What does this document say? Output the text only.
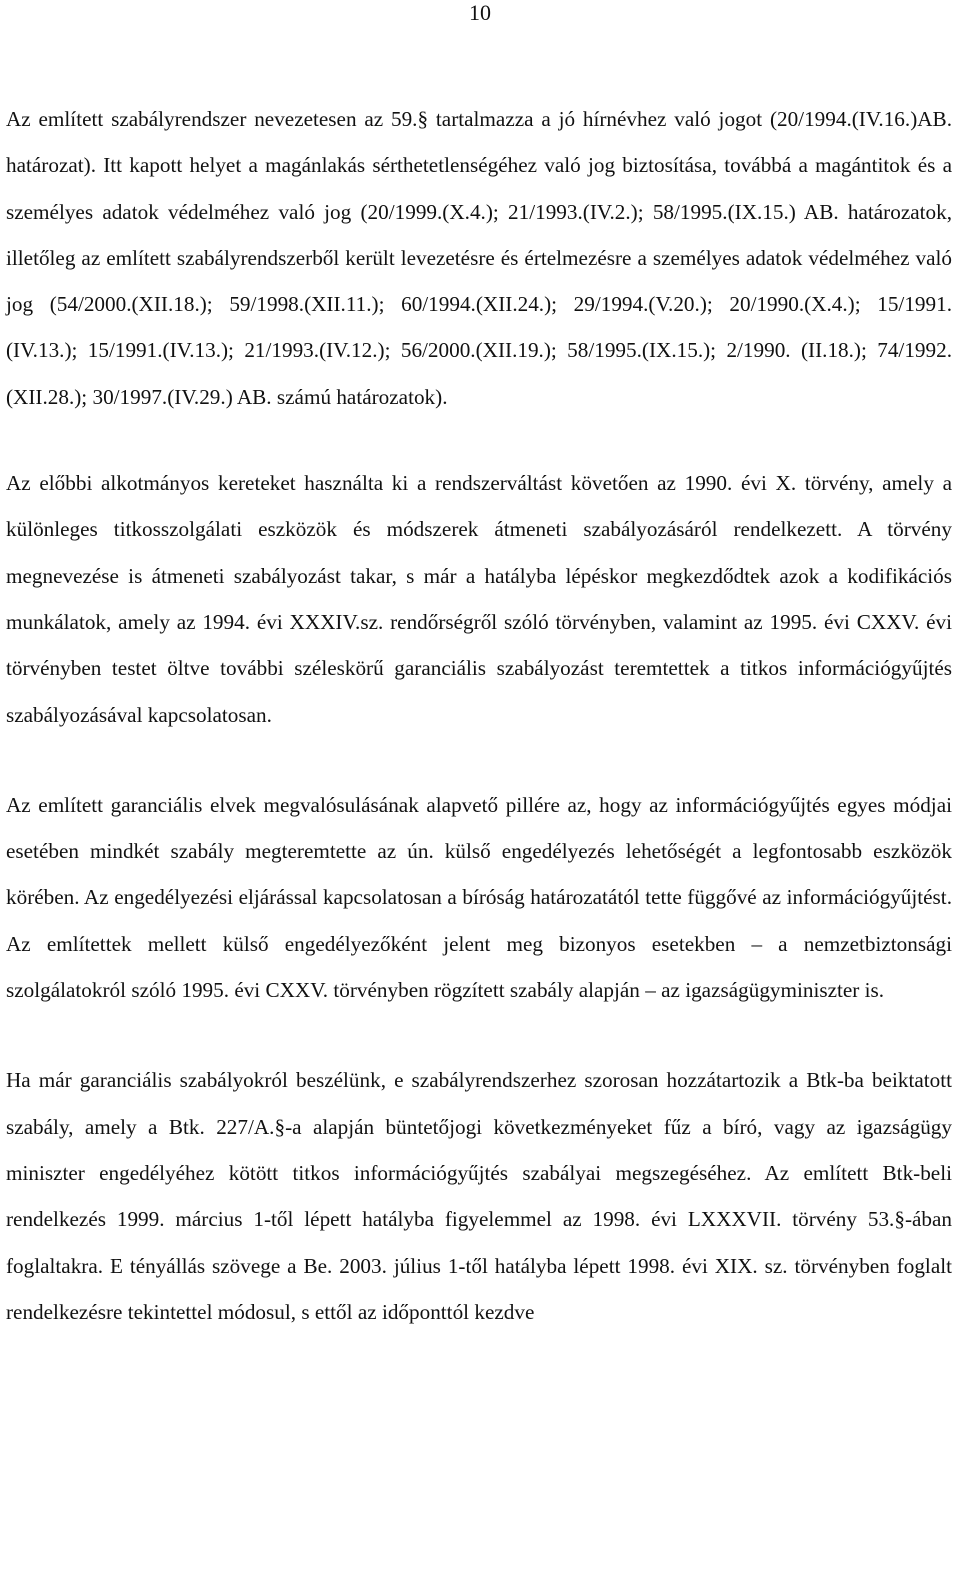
10

Az említett szabályrendszer nevezetesen az 59.§ tartalmazza a jó hírnévhez való jogot (20/1994.(IV.16.)AB. határozat). Itt kapott helyet a magánlakás sérthetetlenségéhez való jog biztosítása, továbbá a magántitok és a személyes adatok védelméhez való jog (20/1999.(X.4.); 21/1993.(IV.2.); 58/1995.(IX.15.) AB. határozatok, illetőleg az említett szabályrendszerből került levezetésre és értelmezésre a személyes adatok védelméhez való jog (54/2000.(XII.18.); 59/1998.(XII.11.); 60/1994.(XII.24.); 29/1994.(V.20.); 20/1990.(X.4.); 15/1991.(IV.13.); 15/1991.(IV.13.); 21/1993.(IV.12.); 56/2000.(XII.19.); 58/1995.(IX.15.); 2/1990. (II.18.); 74/1992.(XII.28.); 30/1997.(IV.29.) AB. számú határozatok).

Az előbbi alkotmányos kereteket használta ki a rendszerváltást követően az 1990. évi X. törvény, amely a különleges titkosszolgálati eszközök és módszerek átmeneti szabályozásáról rendelkezett. A törvény megnevezése is átmeneti szabályozást takar, s már a hatályba lépéskor megkezdődtek azok a kodifikációs munkálatok, amely az 1994. évi XXXIV.sz. rendőrségről szóló törvényben, valamint az 1995. évi CXXV. évi törvényben testet öltve további széleskörű garanciális szabályozást teremtettek a titkos információgyűjtés szabályozásával kapcsolatosan.

Az említett garanciális elvek megvalósulásának alapvető pillére az, hogy az információgyűjtés egyes módjai esetében mindkét szabály megteremtette az ún. külső engedélyezés lehetőségét a legfontosabb eszközök körében. Az engedélyezési eljárással kapcsolatosan a bíróság határozatától tette függővé az információgyűjtést. Az említettek mellett külső engedélyezőként jelent meg bizonyos esetekben – a nemzetbiztonsági szolgálatokról szóló 1995. évi CXXV. törvényben rögzített szabály alapján – az igazságügyminiszter is.

Ha már garanciális szabályokról beszélünk, e szabályrendszerhez szorosan hozzátartozik a Btk-ba beiktatott szabály, amely a Btk. 227/A.§-a alapján büntetőjogi következményeket fűz a bíró, vagy az igazságügy miniszter engedélyéhez kötött titkos információgyűjtés szabályai megszegéséhez. Az említett Btk-beli rendelkezés 1999. március 1-től lépett hatályba figyelemmel az 1998. évi LXXXVII. törvény 53.§-ában foglaltakra. E tényállás szövege a Be. 2003. július 1-től hatályba lépett 1998. évi XIX. sz. törvényben foglalt rendelkezésre tekintettel módosul, s ettől az időponttól kezdve
